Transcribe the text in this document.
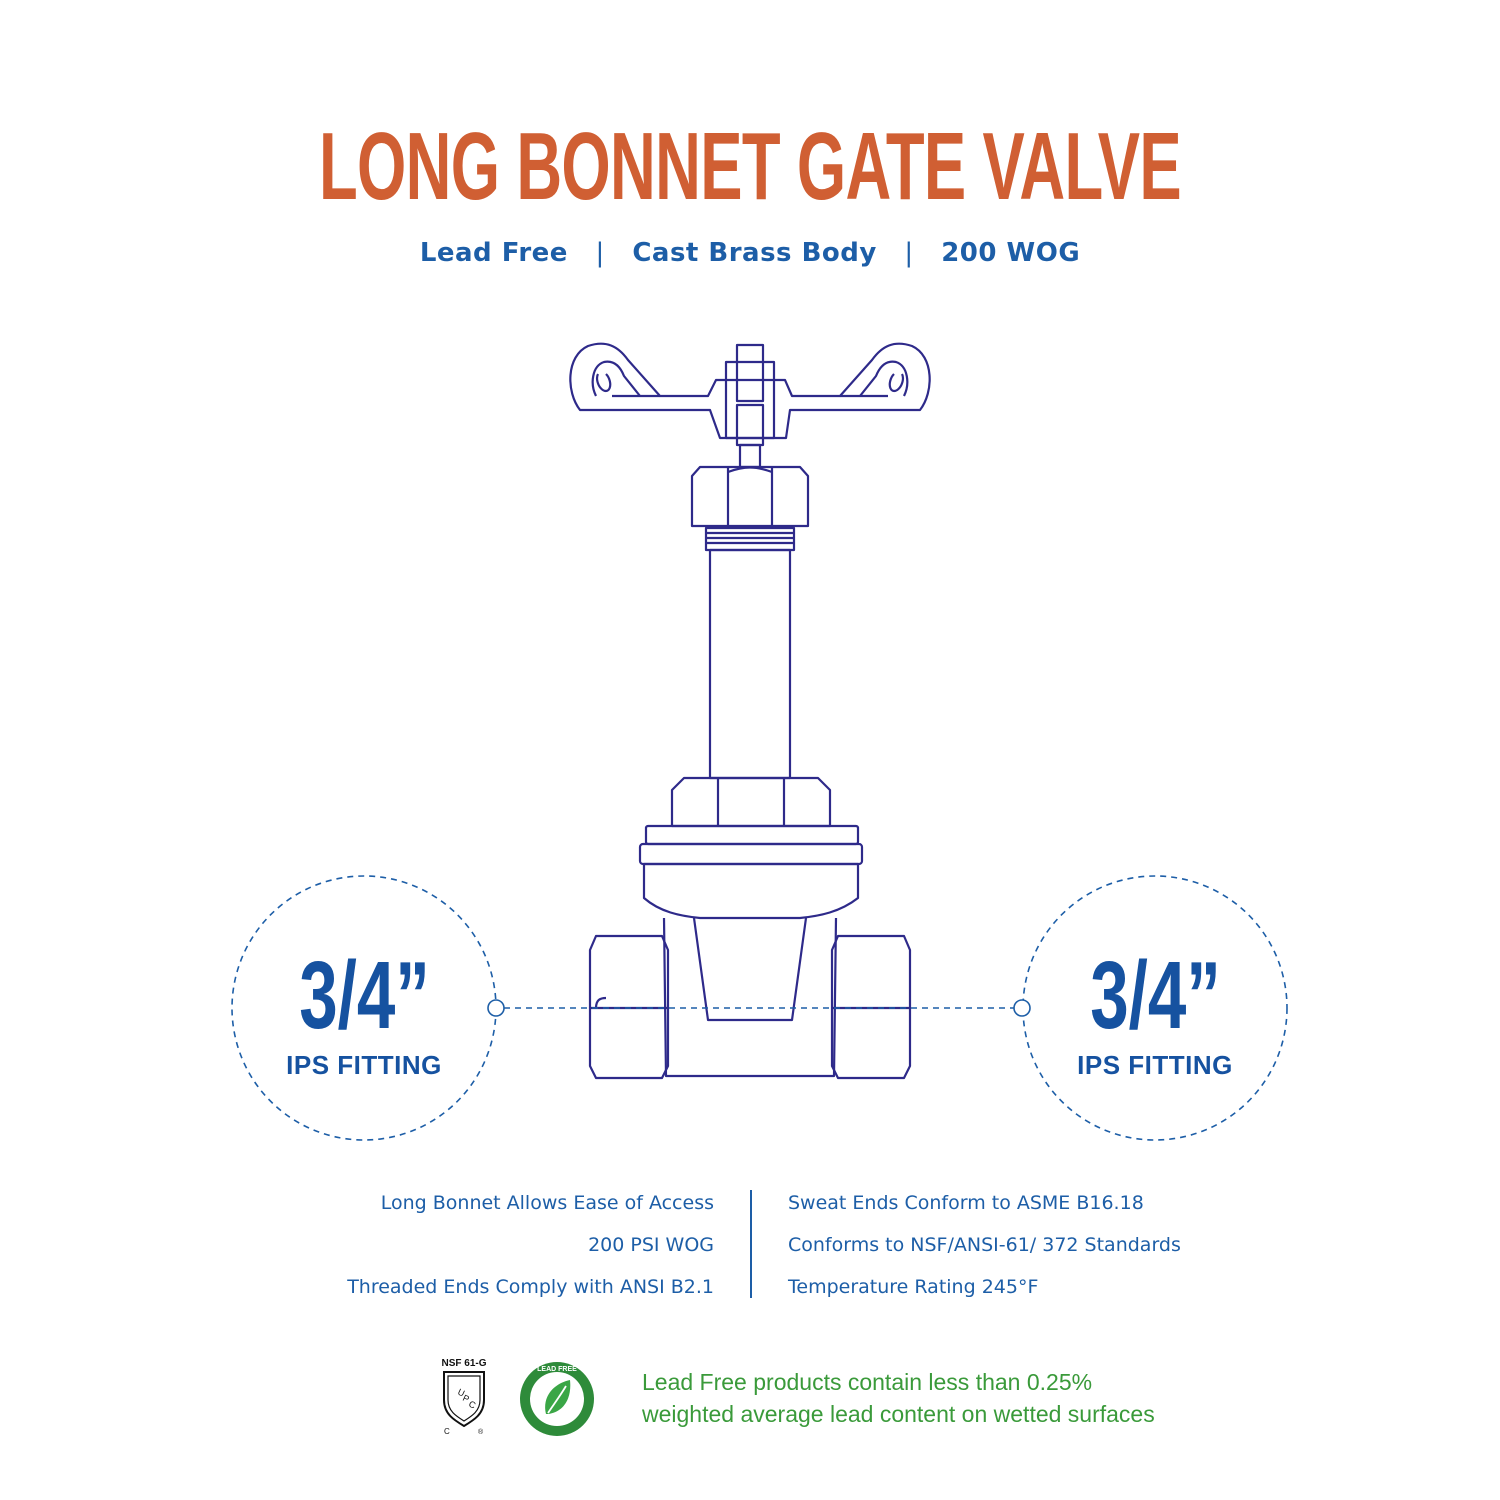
LONG BONNET GATE VALVE
Lead Free | Cast Brass Body | 200 WOG
3/4”
IPS FITTING
3/4”
IPS FITTING
Long Bonnet Allows Ease of Access
200 PSI WOG
Threaded Ends Comply with ANSI B2.1
Sweat Ends Conform to ASME B16.18
Conforms to NSF/ANSI-61/ 372 Standards
Temperature Rating 245°F
NSF 61-G
U
P
C
C	®
LEAD FREE	Lead Free products contain less than 0.25%
weighted average lead content on wetted surfaces
